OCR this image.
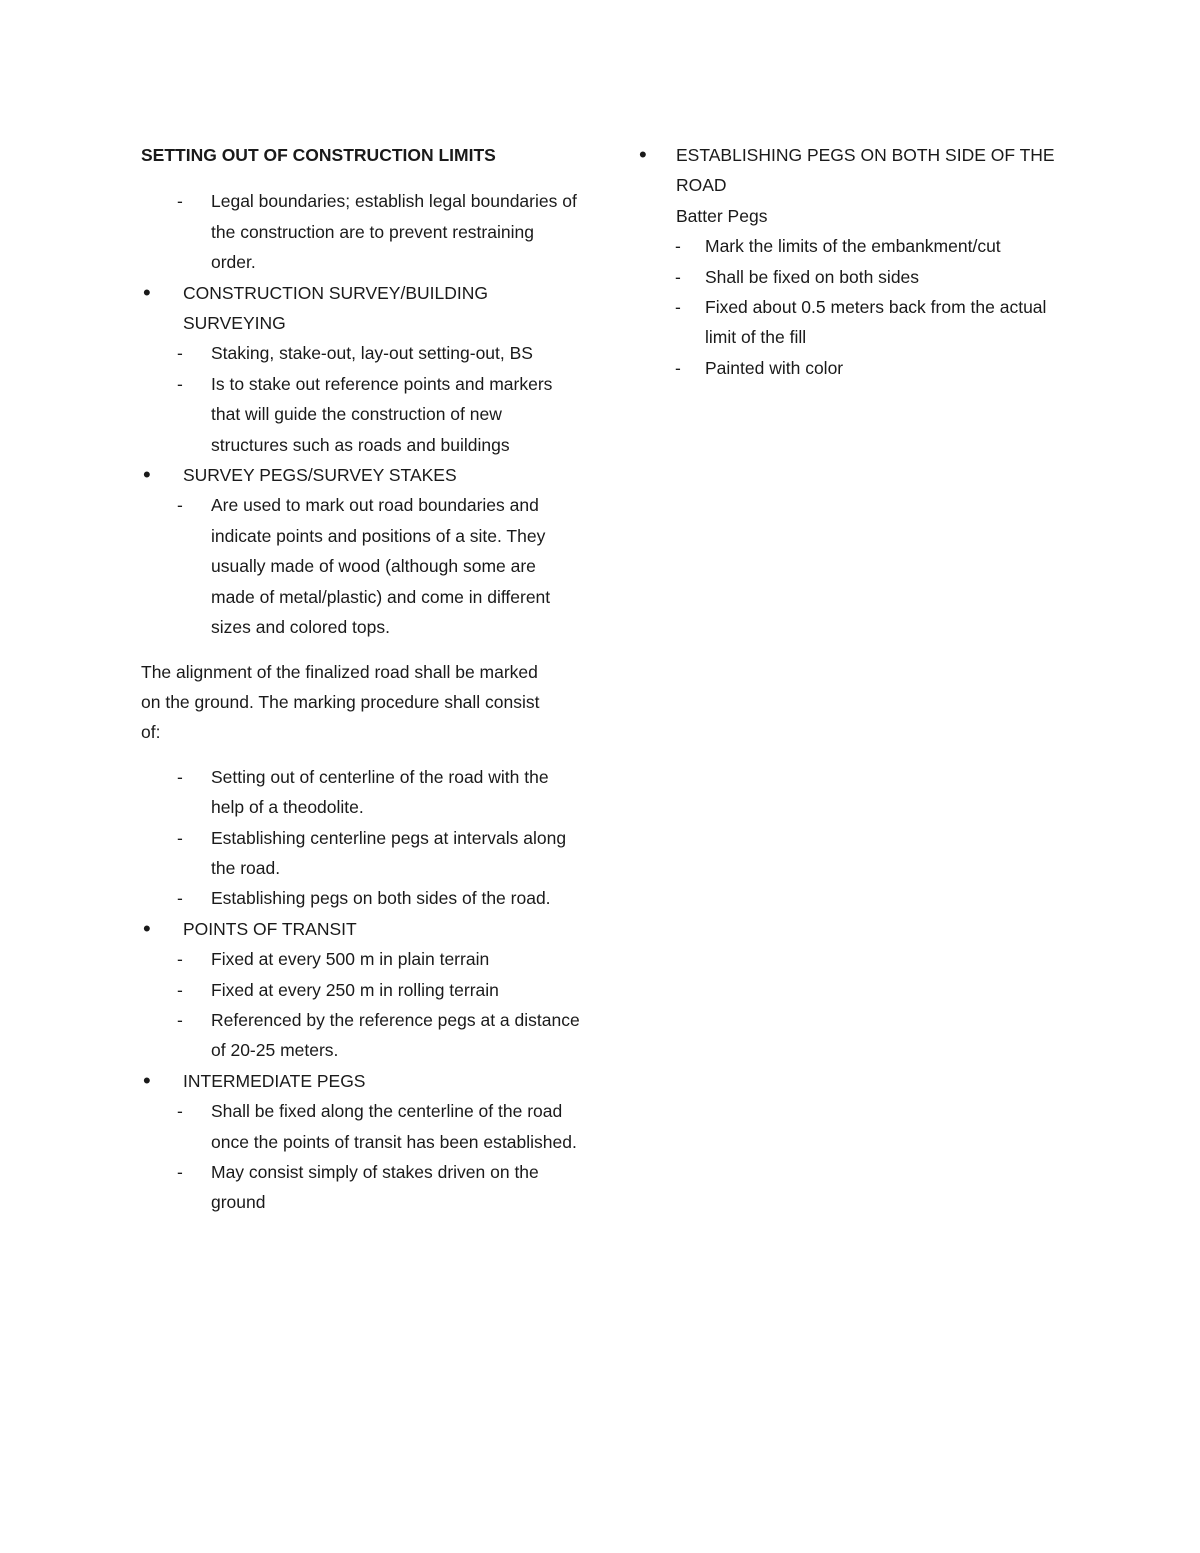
SETTING OUT OF CONSTRUCTION LIMITS
- Legal boundaries; establish legal boundaries of the construction are to prevent restraining order.
• CONSTRUCTION SURVEY/BUILDING SURVEYING
- Staking, stake-out, lay-out setting-out, BS
- Is to stake out reference points and markers that will guide the construction of new structures such as roads and buildings
• SURVEY PEGS/SURVEY STAKES
- Are used to mark out road boundaries and indicate points and positions of a site. They usually made of wood (although some are made of metal/plastic) and come in different sizes and colored tops.

The alignment of the finalized road shall be marked on the ground. The marking procedure shall consist of:

- Setting out of centerline of the road with the help of a theodolite.
- Establishing centerline pegs at intervals along the road.
- Establishing pegs on both sides of the road.
• POINTS OF TRANSIT
- Fixed at every 500 m in plain terrain
- Fixed at every 250 m in rolling terrain
- Referenced by the reference pegs at a distance of 20-25 meters.
• INTERMEDIATE PEGS
- Shall be fixed along the centerline of the road once the points of transit has been established.
- May consist simply of stakes driven on the ground
• ESTABLISHING PEGS ON BOTH SIDE OF THE ROAD
Batter Pegs
- Mark the limits of the embankment/cut
- Shall be fixed on both sides
- Fixed about 0.5 meters back from the actual limit of the fill
- Painted with color
